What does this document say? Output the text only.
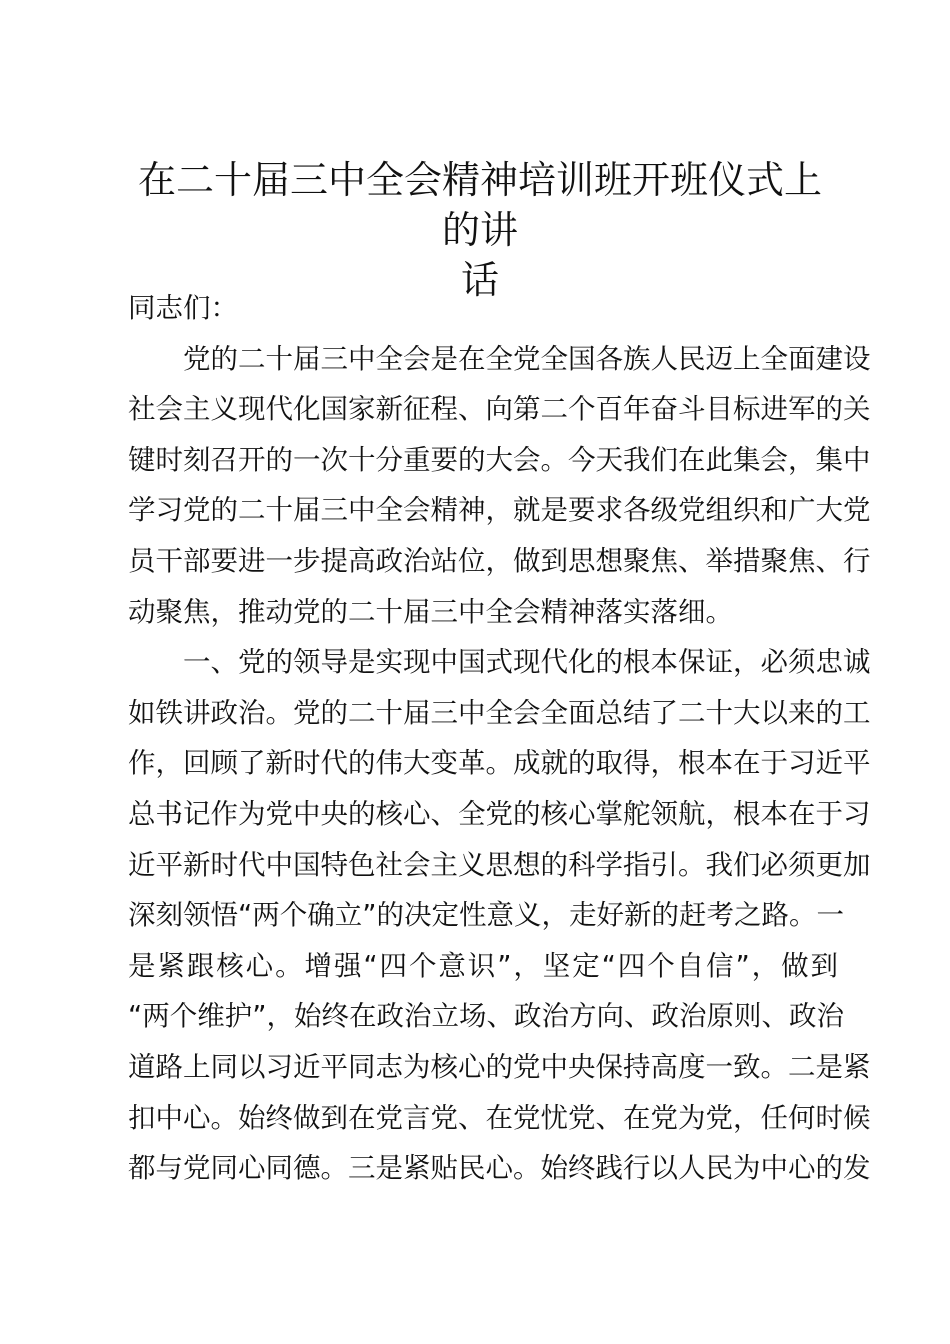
在二十届三中全会精神培训班开班仪式上的讲
话

同志们：

党的二十届三中全会是在全党全国各族人民迈上全面建设
社会主义现代化国家新征程、向第二个百年奋斗目标进军的关
键时刻召开的一次十分重要的大会。今天我们在此集会，集中
学习党的二十届三中全会精神，就是要求各级党组织和广大党
员干部要进一步提高政治站位，做到思想聚焦、举措聚焦、行
动聚焦，推动党的二十届三中全会精神落实落细。
一、党的领导是实现中国式现代化的根本保证，必须忠诚
如铁讲政治。党的二十届三中全会全面总结了二十大以来的工
作，回顾了新时代的伟大变革。成就的取得，根本在于习近平
总书记作为党中央的核心、全党的核心掌舵领航，根本在于习
近平新时代中国特色社会主义思想的科学指引。我们必须更加
深刻领悟“两个确立”的决定性意义，走好新的赶考之路。一
是紧跟核心。增强“四个意识”，坚定“四个自信”，做到
“两个维护”，始终在政治立场、政治方向、政治原则、政治
道路上同以习近平同志为核心的党中央保持高度一致。二是紧
扣中心。始终做到在党言党、在党忧党、在党为党，任何时候
都与党同心同德。三是紧贴民心。始终践行以人民为中心的发
